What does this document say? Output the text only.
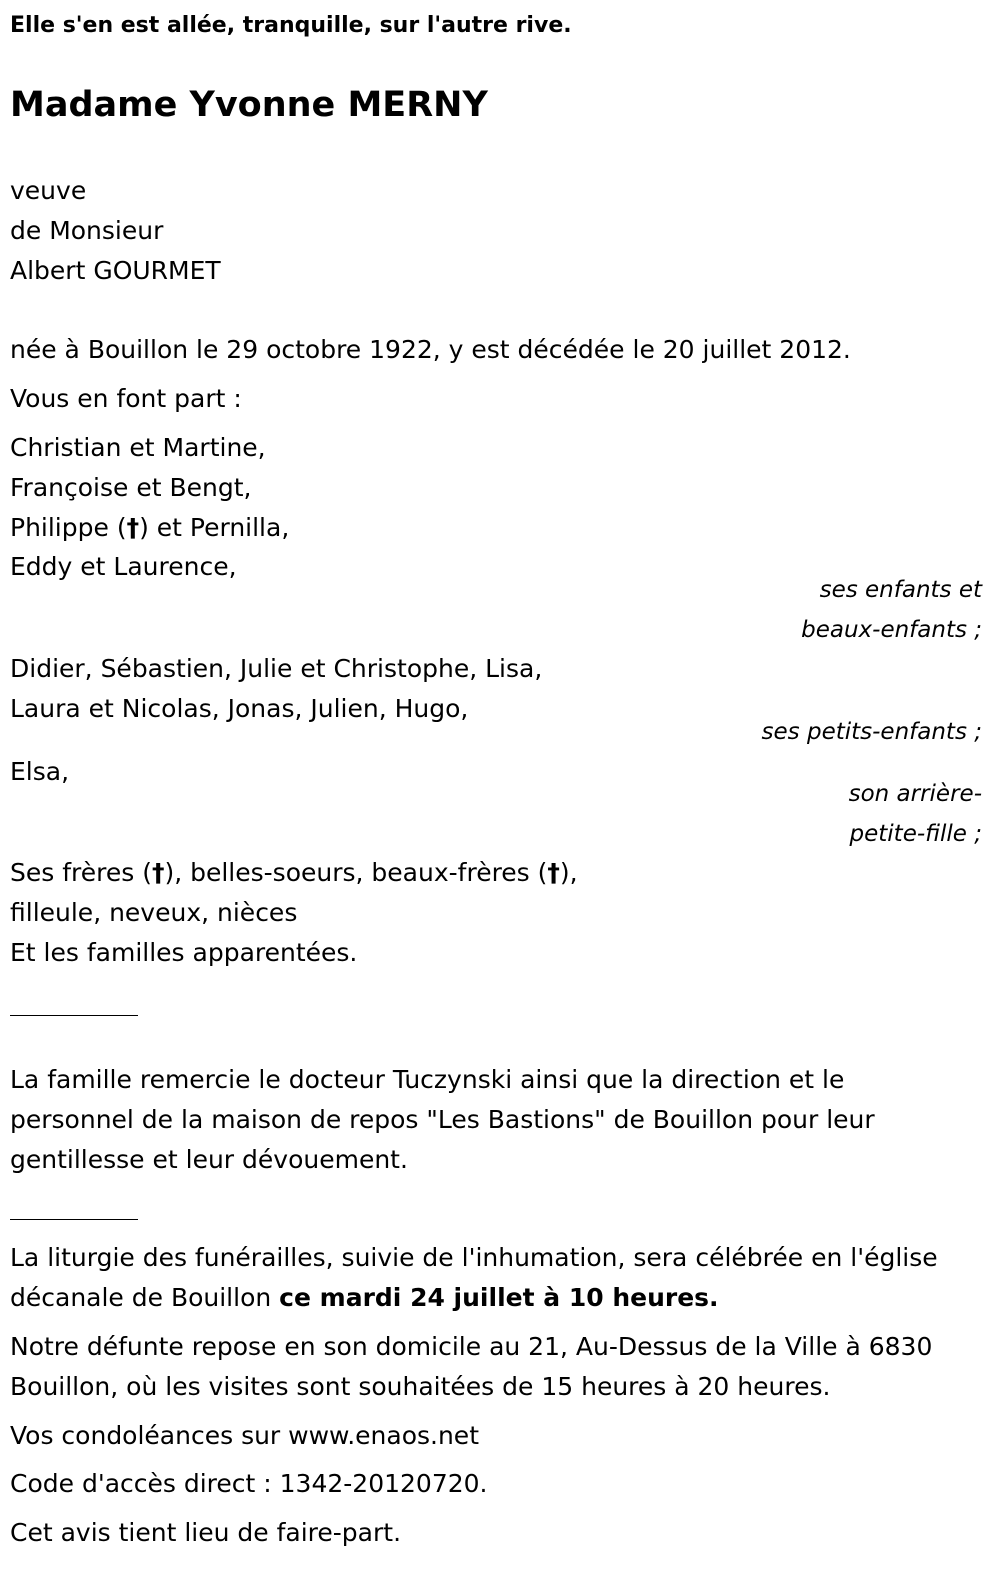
Elle s'en est allée, tranquille, sur l'autre rive.

Madame Yvonne MERNY

veuve

de Monsieur

Albert GOURMET

née à Bouillon le 29 octobre 1922, y est décédée le 20 juillet 2012.

Vous en font part :

Christian et Martine,

Françoise et Bengt,

Philippe (†) et Pernilla,

Eddy et Laurence,

ses enfants et
beaux-enfants ;

Didier, Sébastien, Julie et Christophe, Lisa,

Laura et Nicolas, Jonas, Julien, Hugo,

ses petits-enfants ;

Elsa,

son arrière-
petite-fille ;

Ses frères (†), belles-soeurs, beaux-frères (†),

filleule, neveux, nièces

Et les familles apparentées.

La famille remercie le docteur Tuczynski ainsi que la direction et le

personnel de la maison de repos "Les Bastions" de Bouillon pour leur

gentillesse et leur dévouement.

La liturgie des funérailles, suivie de l'inhumation, sera célébrée en l'église

décanale de Bouillon ce mardi 24 juillet à 10 heures.

Notre défunte repose en son domicile au 21, Au-Dessus de la Ville à 6830

Bouillon, où les visites sont souhaitées de 15 heures à 20 heures.

Vos condoléances sur www.enaos.net

Code d'accès direct : 1342-20120720.

Cet avis tient lieu de faire-part.
